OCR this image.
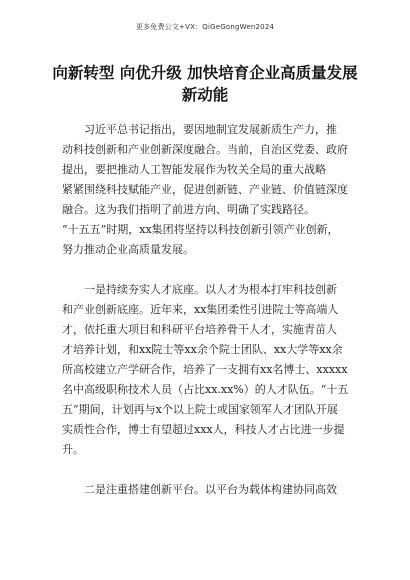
更多免费公文+VX：QiGeGongWen2024
向新转型 向优升级 加快培育企业高质量发展
新动能

习近平总书记指出，要因地制宜发展新质生产力，推
动科技创新和产业创新深度融合。当前，自治区党委、政府
提出，要把推动人工智能发展作为牧关全局的重大战略
紧紧围绕科技赋能产业，促进创新链、产业链、价值链深度
融合。这为我们指明了前进方向、明确了实践路径。
“十五五”时期，xx集团将坚持以科技创新引领产业创新，
努力推动企业高质量发展。

一是持续夯实人才底座。以人才为根本打牢科技创新
和产业创新底座。近年来，xx集团柔性引进院士等高端人
才，依托重大项目和科研平台培养骨干人才，实施青苗人
才培养计划，和xx院士等xx余个院士团队、xx大学等xx余
所高校建立产学研合作，培养了一支拥有xx名博士、xxxxx
名中高级职称技术人员（占比xx.xx%）的人才队伍。“十五
五”期间，计划再与x个以上院士或国家领军人才团队开展
实质性合作，博士有望超过xxx人，科技人才占比进一步提
升。

二是注重搭建创新平台。以平台为载体构建协同高效
